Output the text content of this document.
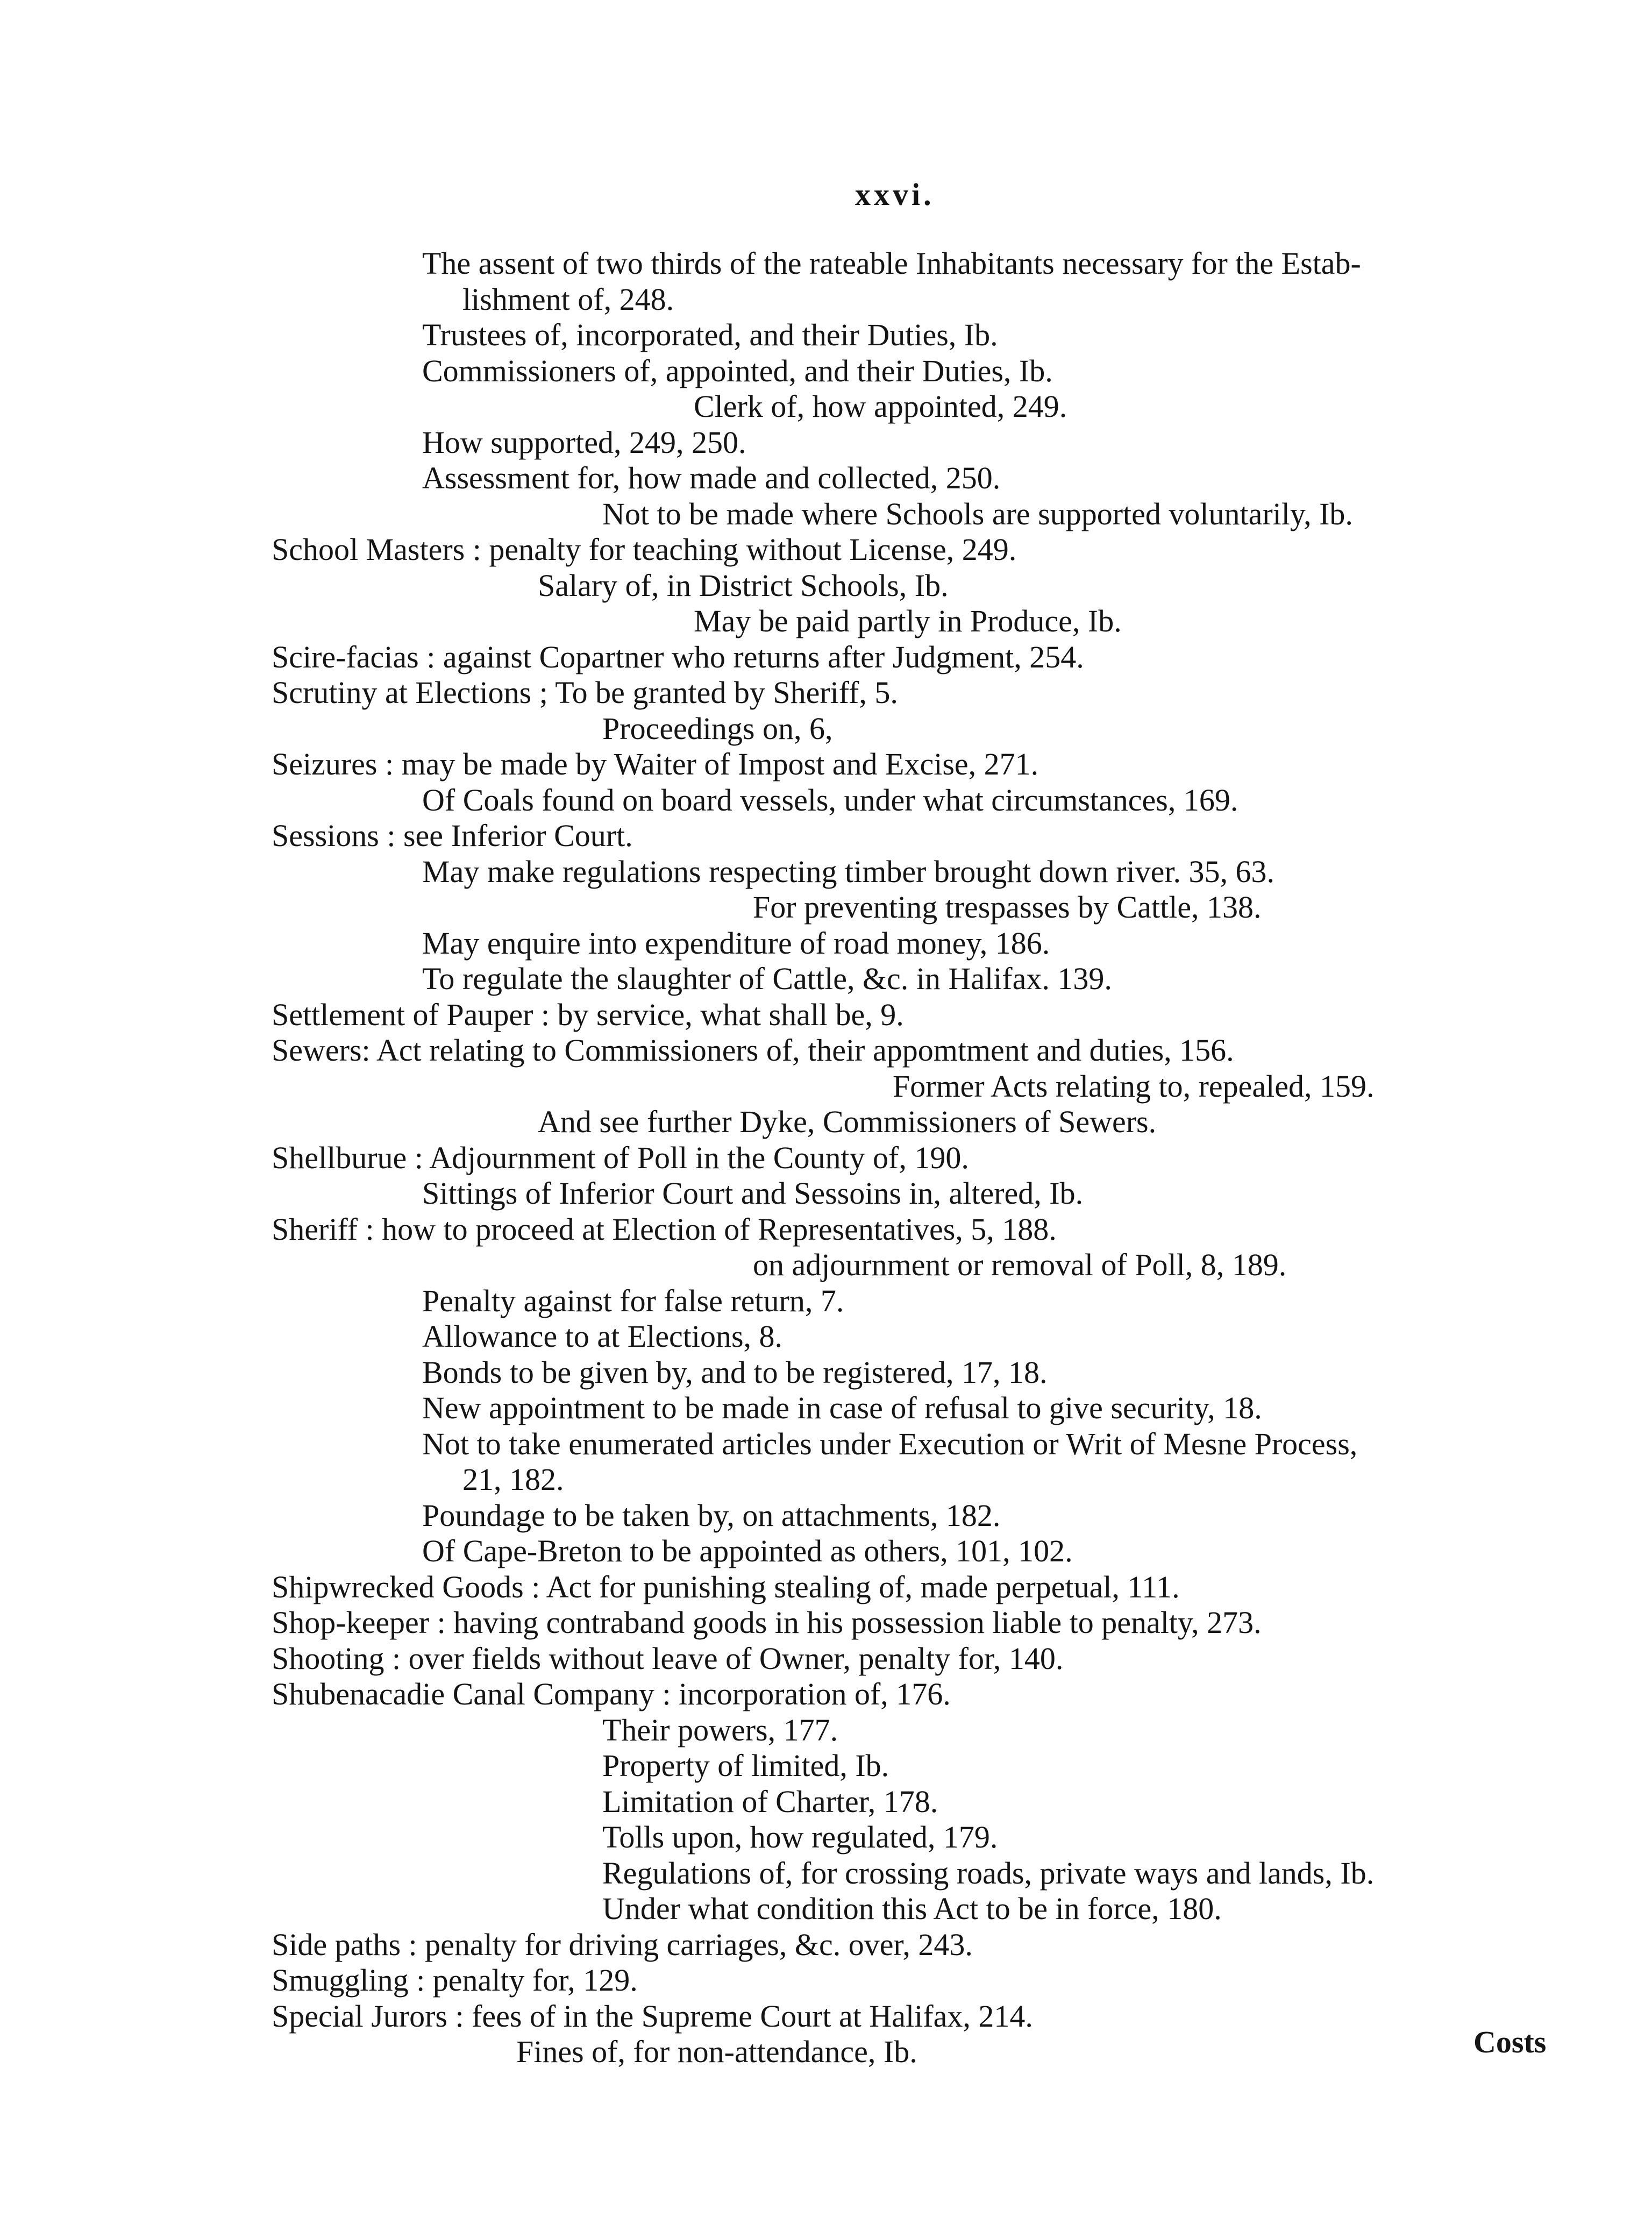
xxvi.
The assent of two thirds of the rateable Inhabitants necessary for the Estab-
lishment of, 248.
Trustees of, incorporated, and their Duties, Ib.
Commissioners of, appointed, and their Duties, Ib.
Clerk of, how appointed, 249.
How supported, 249, 250.
Assessment for, how made and collected, 250.
Not to be made where Schools are supported voluntarily, Ib.
School Masters : penalty for teaching without License, 249.
Salary of, in District Schools, Ib.
May be paid partly in Produce, Ib.
Scire-facias : against Copartner who returns after Judgment, 254.
Scrutiny at Elections ; To be granted by Sheriff, 5.
Proceedings on, 6,
Seizures : may be made by Waiter of Impost and Excise, 271.
Of Coals found on board vessels, under what circumstances, 169.
Sessions : see Inferior Court.
May make regulations respecting timber brought down river. 35, 63.
For preventing trespasses by Cattle, 138.
May enquire into expenditure of road money, 186.
To regulate the slaughter of Cattle, &c. in Halifax. 139.
Settlement of Pauper : by service, what shall be, 9.
Sewers: Act relating to Commissioners of, their appomtment and duties, 156.
Former Acts relating to, repealed, 159.
And see further Dyke, Commissioners of Sewers.
Shellburue : Adjournment of Poll in the County of, 190.
Sittings of Inferior Court and Sessoins in, altered, Ib.
Sheriff : how to proceed at Election of Representatives, 5, 188.
on adjournment or removal of Poll, 8, 189.
Penalty against for false return, 7.
Allowance to at Elections, 8.
Bonds to be given by, and to be registered, 17, 18.
New appointment to be made in case of refusal to give security, 18.
Not to take enumerated articles under Execution or Writ of Mesne Process,
21, 182.
Poundage to be taken by, on attachments, 182.
Of Cape-Breton to be appointed as others, 101, 102.
Shipwrecked Goods : Act for punishing stealing of, made perpetual, 111.
Shop-keeper : having contraband goods in his possession liable to penalty, 273.
Shooting : over fields without leave of Owner, penalty for, 140.
Shubenacadie Canal Company : incorporation of, 176.
Their powers, 177.
Property of limited, Ib.
Limitation of Charter, 178.
Tolls upon, how regulated, 179.
Regulations of, for crossing roads, private ways and lands, Ib.
Under what condition this Act to be in force, 180.
Side paths : penalty for driving carriages, &c. over, 243.
Smuggling : penalty for, 129.
Special Jurors : fees of in the Supreme Court at Halifax, 214.
Fines of, for non-attendance, Ib.	Costs
